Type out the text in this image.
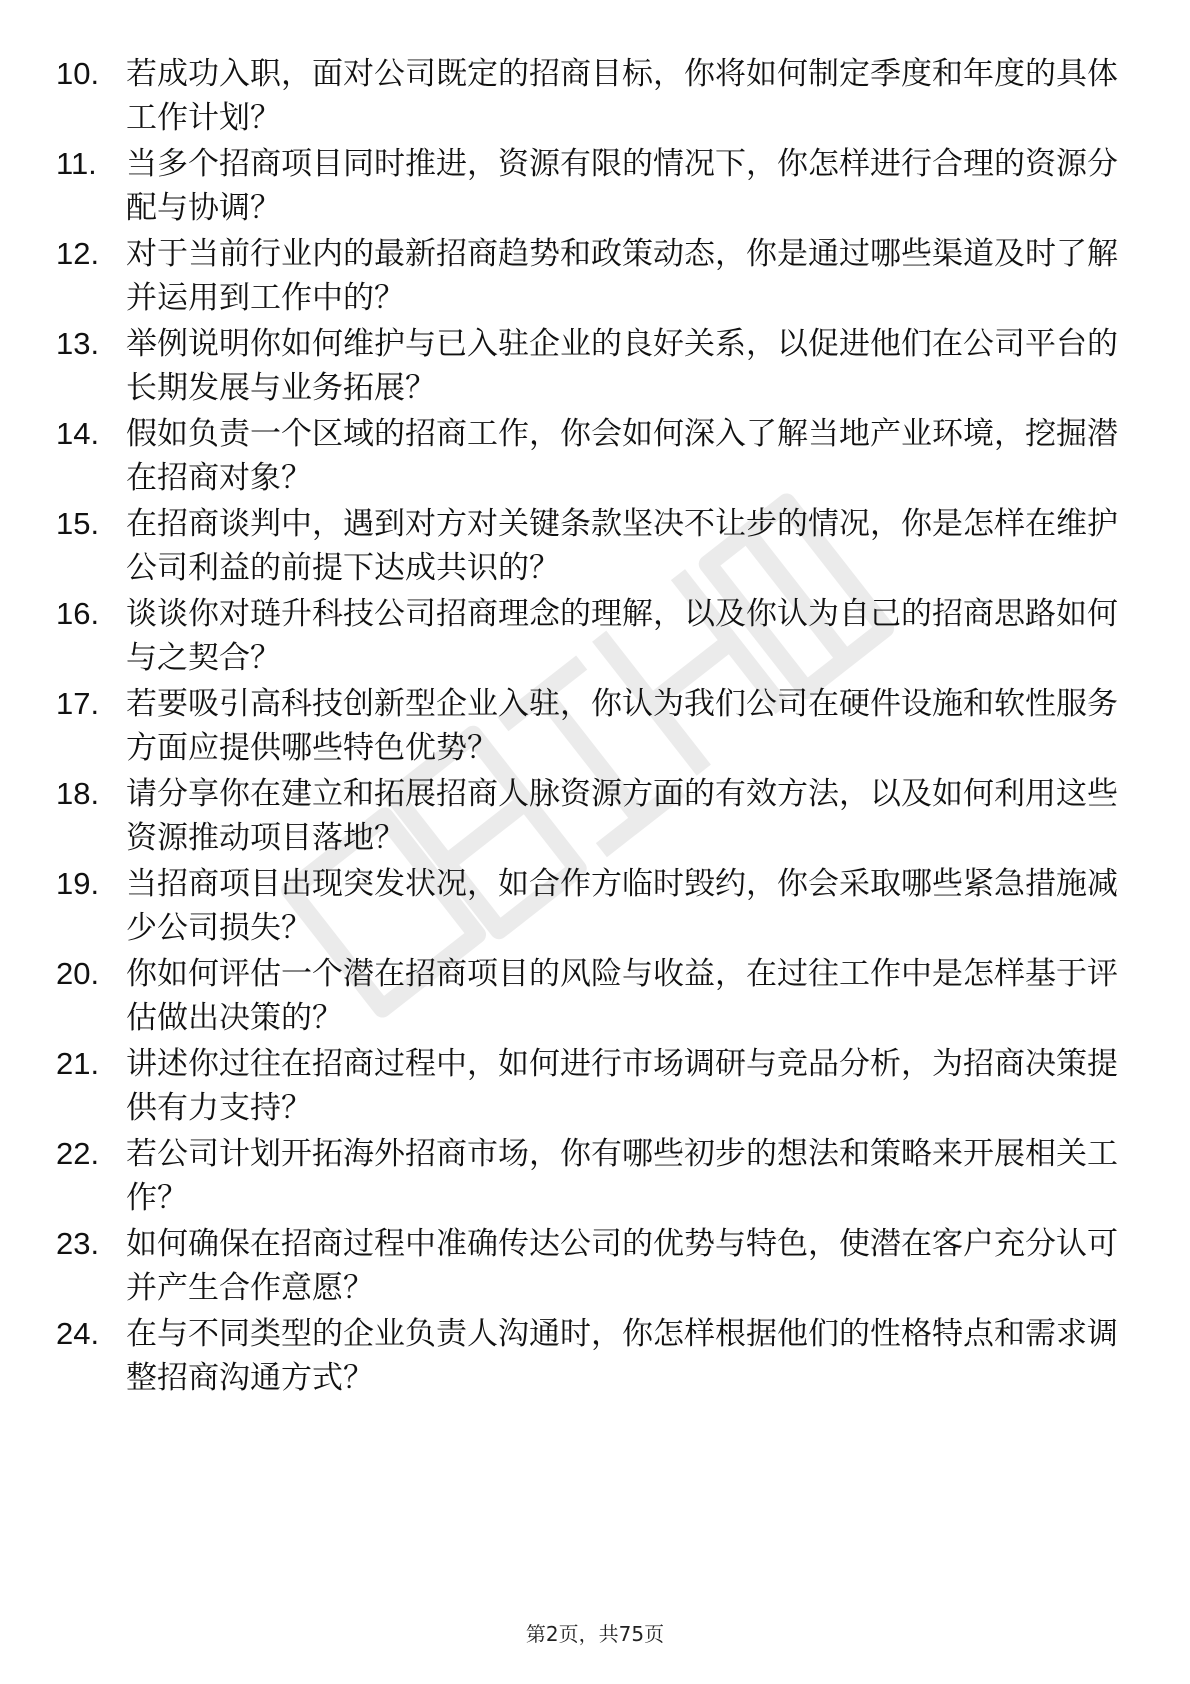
10. 若成功入职，面对公司既定的招商目标，你将如何制定季度和年度的具体工作计划？
11. 当多个招商项目同时推进，资源有限的情况下，你怎样进行合理的资源分配与协调？
12. 对于当前行业内的最新招商趋势和政策动态，你是通过哪些渠道及时了解并运用到工作中的？
13. 举例说明你如何维护与已入驻企业的良好关系，以促进他们在公司平台的长期发展与业务拓展？
14. 假如负责一个区域的招商工作，你会如何深入了解当地产业环境，挖掘潜在招商对象？
15. 在招商谈判中，遇到对方对关键条款坚决不让步的情况，你是怎样在维护公司利益的前提下达成共识的？
16. 谈谈你对琏升科技公司招商理念的理解，以及你认为自己的招商思路如何与之契合？
17. 若要吸引高科技创新型企业入驻，你认为我们公司在硬件设施和软性服务方面应提供哪些特色优势？
18. 请分享你在建立和拓展招商人脉资源方面的有效方法，以及如何利用这些资源推动项目落地？
19. 当招商项目出现突发状况，如合作方临时毁约，你会采取哪些紧急措施减少公司损失？
20. 你如何评估一个潜在招商项目的风险与收益，在过往工作中是怎样基于评估做出决策的？
21. 讲述你过往在招商过程中，如何进行市场调研与竞品分析，为招商决策提供有力支持？
22. 若公司计划开拓海外招商市场，你有哪些初步的想法和策略来开展相关工作？
23. 如何确保在招商过程中准确传达公司的优势与特色，使潜在客户充分认可并产生合作意愿？
24. 在与不同类型的企业负责人沟通时，你怎样根据他们的性格特点和需求调整招商沟通方式？
第2页，共75页
